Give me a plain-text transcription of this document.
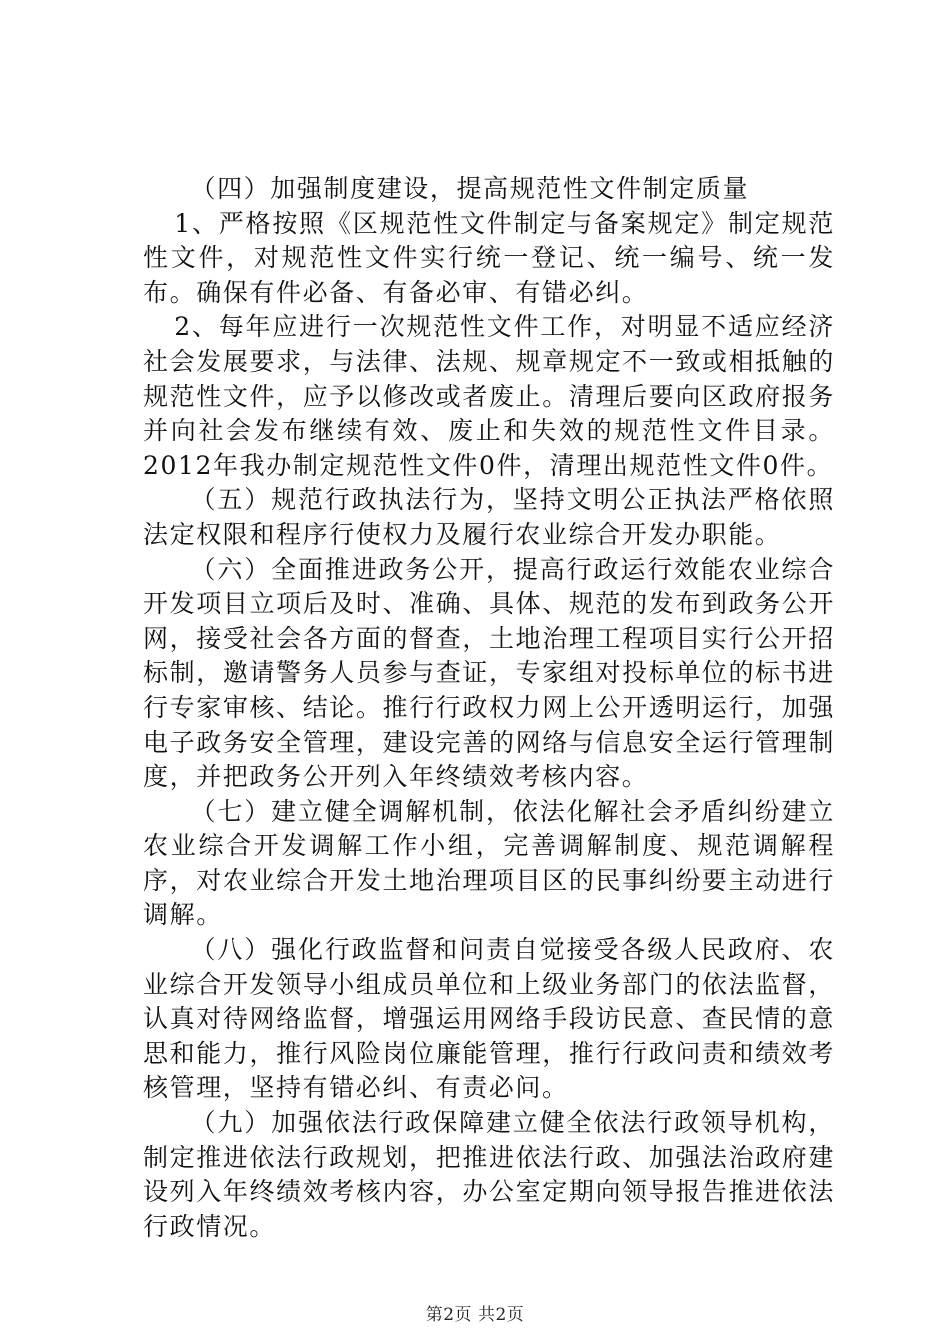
（四）加强制度建设，提高规范性文件制定质量

1、严格按照《区规范性文件制定与备案规定》制定规范性文件，对规范性文件实行统一登记、统一编号、统一发布。确保有件必备、有备必审、有错必纠。

2、每年应进行一次规范性文件工作，对明显不适应经济社会发展要求，与法律、法规、规章规定不一致或相抵触的规范性文件，应予以修改或者废止。清理后要向区政府报务并向社会发布继续有效、废止和失效的规范性文件目录。2012年我办制定规范性文件0件，清理出规范性文件0件。

（五）规范行政执法行为，坚持文明公正执法严格依照法定权限和程序行使权力及履行农业综合开发办职能。

（六）全面推进政务公开，提高行政运行效能农业综合开发项目立项后及时、准确、具体、规范的发布到政务公开网，接受社会各方面的督查，土地治理工程项目实行公开招标制，邀请警务人员参与查证，专家组对投标单位的标书进行专家审核、结论。推行行政权力网上公开透明运行，加强电子政务安全管理，建设完善的网络与信息安全运行管理制度，并把政务公开列入年终绩效考核内容。

（七）建立健全调解机制，依法化解社会矛盾纠纷建立农业综合开发调解工作小组，完善调解制度、规范调解程序，对农业综合开发土地治理项目区的民事纠纷要主动进行调解。

（八）强化行政监督和问责自觉接受各级人民政府、农业综合开发领导小组成员单位和上级业务部门的依法监督，认真对待网络监督，增强运用网络手段访民意、查民情的意思和能力，推行风险岗位廉能管理，推行行政问责和绩效考核管理，坚持有错必纠、有责必问。

（九）加强依法行政保障建立健全依法行政领导机构，制定推进依法行政规划，把推进依法行政、加强法治政府建设列入年终绩效考核内容，办公室定期向领导报告推进依法行政情况。

第2页 共2页
